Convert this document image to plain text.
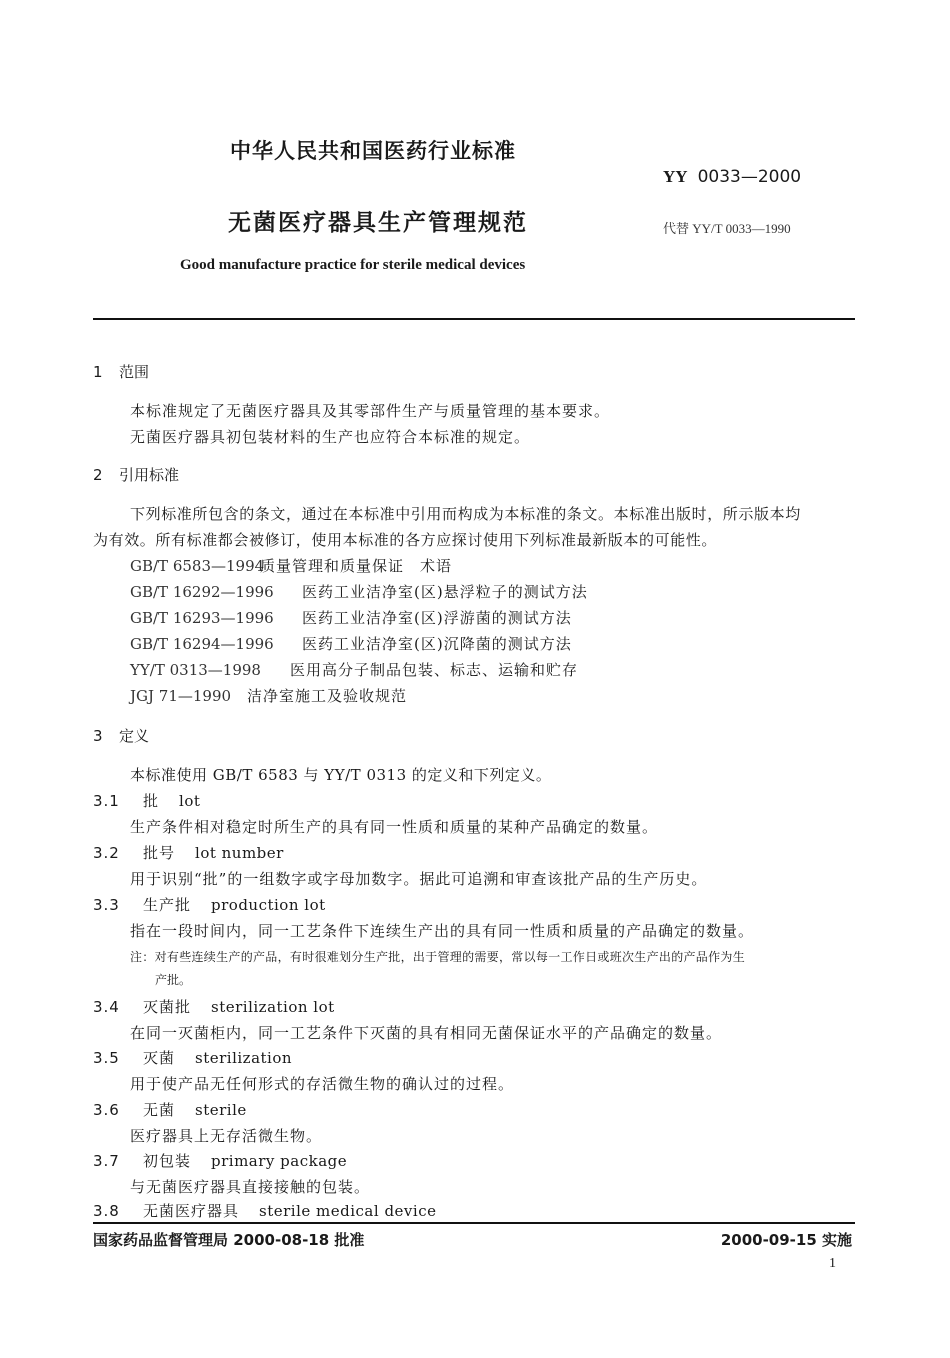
中华人民共和国医药行业标准
YY 0033—2000
无菌医疗器具生产管理规范	代替 YY/T 0033—1990
Good manufacture practice for sterile medical devices
1 范围
本标准规定了无菌医疗器具及其零部件生产与质量管理的基本要求。
无菌医疗器具初包装材料的生产也应符合本标准的规定。
2 引用标准
下列标准所包含的条文，通过在本标准中引用而构成为本标准的条文。本标准出版时，所示版本均
为有效。所有标准都会被修订，使用本标准的各方应探讨使用下列标准最新版本的可能性。
GB/T 6583—1994质量管理和质量保证　术语
GB/T 16292—1996 医药工业洁净室(区)悬浮粒子的测试方法
GB/T 16293—1996 医药工业洁净室(区)浮游菌的测试方法
GB/T 16294—1996 医药工业洁净室(区)沉降菌的测试方法
YY/T 0313—1998 医用高分子制品包装、标志、运输和贮存
JGJ 71—1990 洁净室施工及验收规范
3 定义
本标准使用 GB/T 6583 与 YY/T 0313 的定义和下列定义。
3.1 批 lot
生产条件相对稳定时所生产的具有同一性质和质量的某种产品确定的数量。
3.2 批号 lot number
用于识别“批”的一组数字或字母加数字。据此可追溯和审查该批产品的生产历史。
3.3 生产批 production lot
指在一段时间内，同一工艺条件下连续生产出的具有同一性质和质量的产品确定的数量。
注：对有些连续生产的产品，有时很难划分生产批，出于管理的需要，常以每一工作日或班次生产出的产品作为生
产批。
3.4 灭菌批 sterilization lot
在同一灭菌柜内，同一工艺条件下灭菌的具有相同无菌保证水平的产品确定的数量。
3.5 灭菌 sterilization
用于使产品无任何形式的存活微生物的确认过的过程。
3.6 无菌 sterile
医疗器具上无存活微生物。
3.7 初包装 primary package
与无菌医疗器具直接接触的包装。
3.8 无菌医疗器具 sterile medical device
国家药品监督管理局 2000-08-18 批准	2000-09-15 实施
1
